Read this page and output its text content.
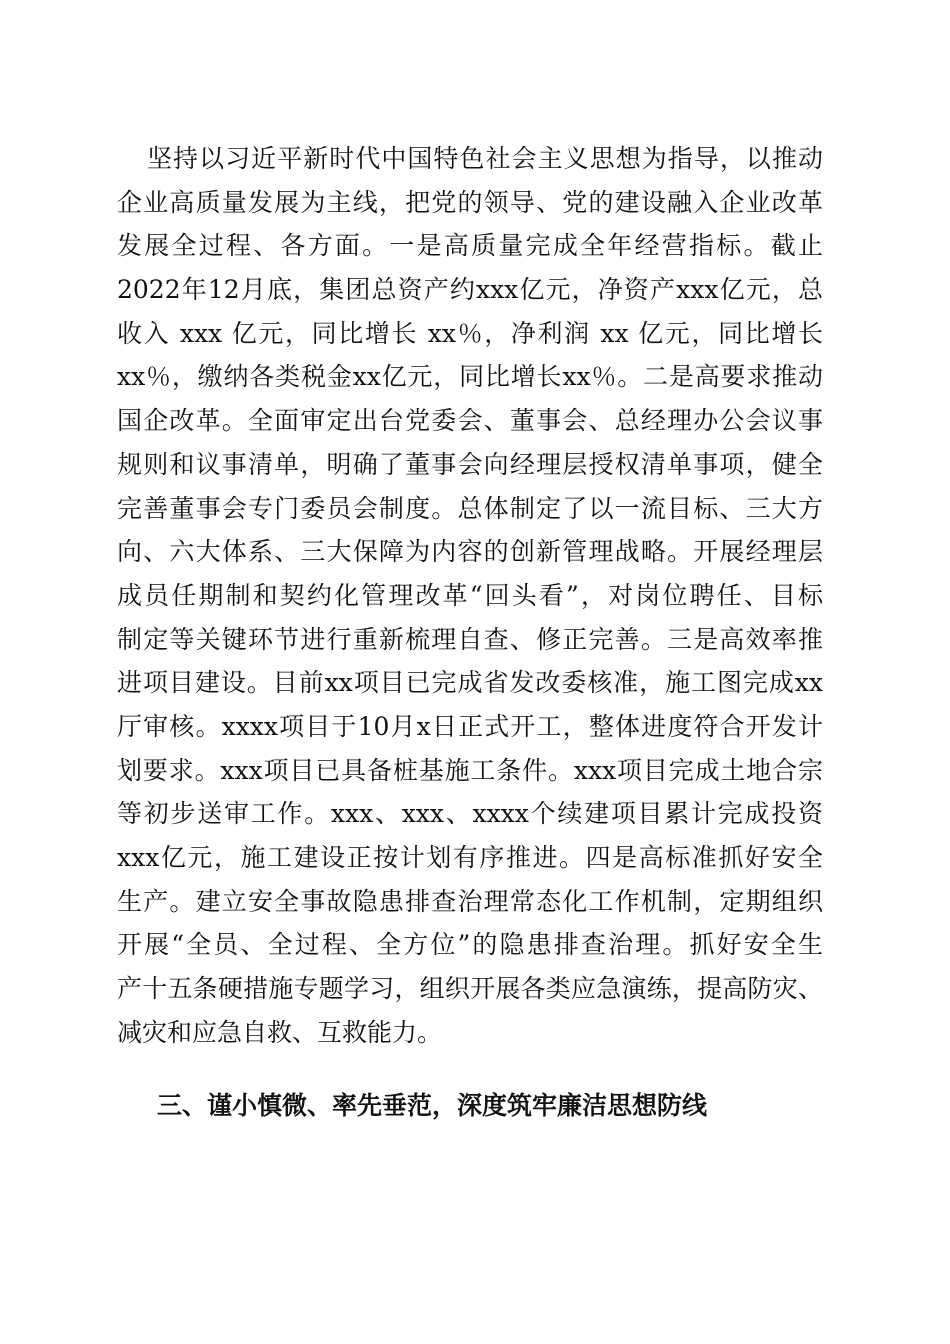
坚持以习近平新时代中国特色社会主义思想为指导，以推动
企业高质量发展为主线，把党的领导、党的建设融入企业改革
发展全过程、各方面。一是高质量完成全年经营指标。截止
2022年12月底，集团总资产约xxx亿元，净资产xxx亿元，总
收入 xxx 亿元，同比增长 xx％，净利润 xx 亿元，同比增长
xx％，缴纳各类税金xx亿元，同比增长xx％。二是高要求推动
国企改革。全面审定出台党委会、董事会、总经理办公会议事
规则和议事清单，明确了董事会向经理层授权清单事项，健全
完善董事会专门委员会制度。总体制定了以一流目标、三大方
向、六大体系、三大保障为内容的创新管理战略。开展经理层
成员任期制和契约化管理改革“回头看”，对岗位聘任、目标
制定等关键环节进行重新梳理自查、修正完善。三是高效率推
进项目建设。目前xx项目已完成省发改委核准，施工图完成xx
厅审核。xxxx项目于10月x日正式开工，整体进度符合开发计
划要求。xxx项目已具备桩基施工条件。xxx项目完成土地合宗
等初步送审工作。xxx、xxx、xxxx个续建项目累计完成投资
xxx亿元，施工建设正按计划有序推进。四是高标准抓好安全
生产。建立安全事故隐患排查治理常态化工作机制，定期组织
开展“全员、全过程、全方位”的隐患排查治理。抓好安全生
产十五条硬措施专题学习，组织开展各类应急演练，提高防灾、
减灾和应急自救、互救能力。
三、谨小慎微、率先垂范，深度筑牢廉洁思想防线
